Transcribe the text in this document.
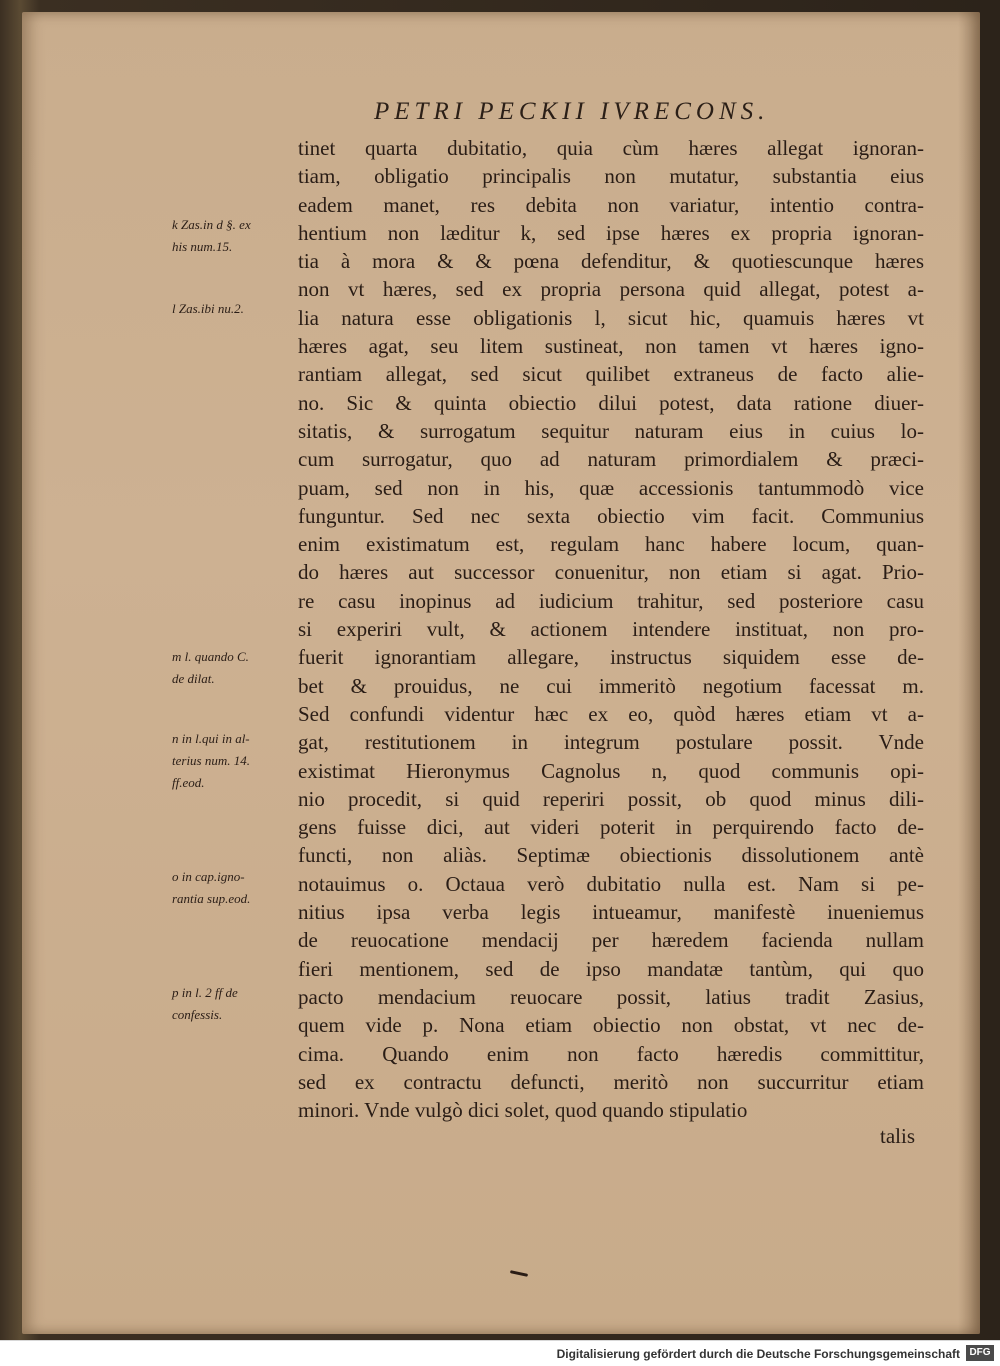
PETRI PECKII IVRECONS.
tinet quarta dubitatio, quia cùm hæres allegat ignoran-
tiam, obligatio principalis non mutatur, substantia eius
eadem manet, res debita non variatur, intentio contra-
hentium non læditur k, sed ipse hæres ex propria ignoran-
tia à mora & & pœna defenditur, & quotiescunque hæres
non vt hæres, sed ex propria persona quid allegat, potest a-
lia natura esse obligationis l, sicut hic, quamuis hæres vt
hæres agat, seu litem sustineat, non tamen vt hæres igno-
rantiam allegat, sed sicut quilibet extraneus de facto alie-
no. Sic & quinta obiectio dilui potest, data ratione diuer-
sitatis, & surrogatum sequitur naturam eius in cuius lo-
cum surrogatur, quo ad naturam primordialem & præci-
puam, sed non in his, quæ accessionis tantummodò vice
funguntur. Sed nec sexta obiectio vim facit. Communius
enim existimatum est, regulam hanc habere locum, quan-
do hæres aut successor conuenitur, non etiam si agat. Prio-
re casu inopinus ad iudicium trahitur, sed posteriore casu
si experiri vult, & actionem intendere instituat, non pro-
fuerit ignorantiam allegare, instructus siquidem esse de-
bet & prouidus, ne cui immeritò negotium facessat m.
Sed confundi videntur hæc ex eo, quòd hæres etiam vt a-
gat, restitutionem in integrum postulare possit. Vnde
existimat Hieronymus Cagnolus n, quod communis opi-
nio procedit, si quid reperiri possit, ob quod minus dili-
gens fuisse dici, aut videri poterit in perquirendo facto de-
functi, non aliàs. Septimæ obiectionis dissolutionem antè
notauimus o. Octaua verò dubitatio nulla est. Nam si pe-
nitius ipsa verba legis intueamur, manifestè inueniemus
de reuocatione mendacij per hæredem facienda nullam
fieri mentionem, sed de ipso mandatæ tantùm, qui quo
pacto mendacium reuocare possit, latius tradit Zasius,
quem vide p. Nona etiam obiectio non obstat, vt nec de-
cima. Quando enim non facto hæredis committitur,
sed ex contractu defuncti, meritò non succurritur etiam
minori. Vnde vulgò dici solet, quod quando stipulatio
talis
k Zas.in d §. ex
his num.15.
l Zas.ibi nu.2.
m l. quando C.
de dilat.
n in l.qui in al-
terius num. 14.
ff.eod.
o in cap.igno-
rantia sup.eod.
p in l. 2 ff de
confessis.
Digitalisierung gefördert durch die Deutsche Forschungsgemeinschaft DFG
